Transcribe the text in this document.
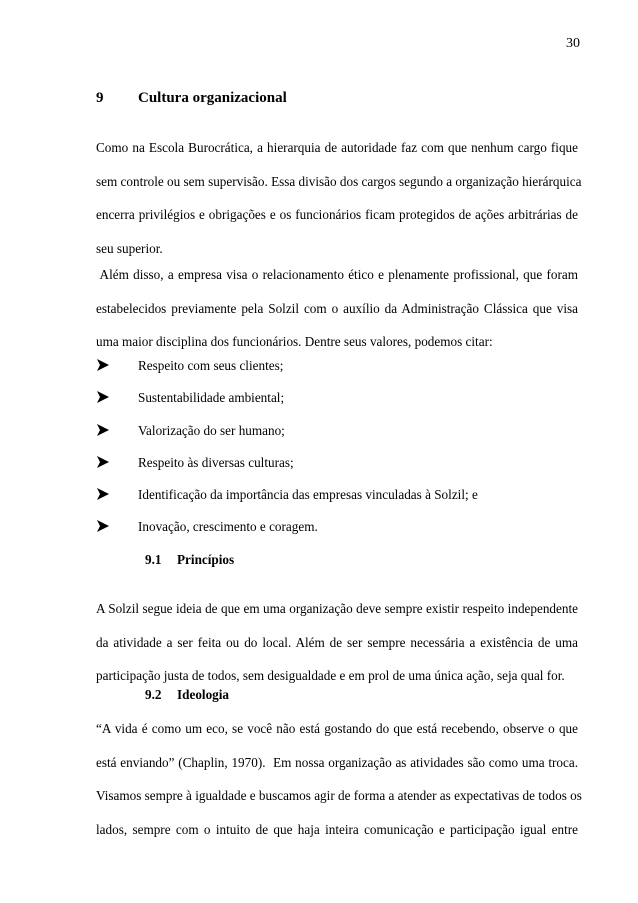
30
9 Cultura organizacional
Como na Escola Burocrática, a hierarquia de autoridade faz com que nenhum cargo fique
sem controle ou sem supervisão. Essa divisão dos cargos segundo a organização hierárquica
encerra privilégios e obrigações e os funcionários ficam protegidos de ações arbitrárias de
seu superior.
Além disso, a empresa visa o relacionamento ético e plenamente profissional, que foram
estabelecidos previamente pela Solzil com o auxílio da Administração Clássica que visa
uma maior disciplina dos funcionários. Dentre seus valores, podemos citar:
Respeito com seus clientes;
Sustentabilidade ambiental;
Valorização do ser humano;
Respeito às diversas culturas;
Identificação da importância das empresas vinculadas à Solzil; e
Inovação, crescimento e coragem.
9.1 Princípios
A Solzil segue ideia de que em uma organização deve sempre existir respeito independente
da atividade a ser feita ou do local. Além de ser sempre necessária a existência de uma
participação justa de todos, sem desigualdade e em prol de uma única ação, seja qual for.
9.2 Ideologia
“A vida é como um eco, se você não está gostando do que está recebendo, observe o que
está enviando” (Chaplin, 1970).  Em nossa organização as atividades são como uma troca.
Visamos sempre à igualdade e buscamos agir de forma a atender as expectativas de todos os
lados, sempre com o intuito de que haja inteira comunicação e participação igual entre
